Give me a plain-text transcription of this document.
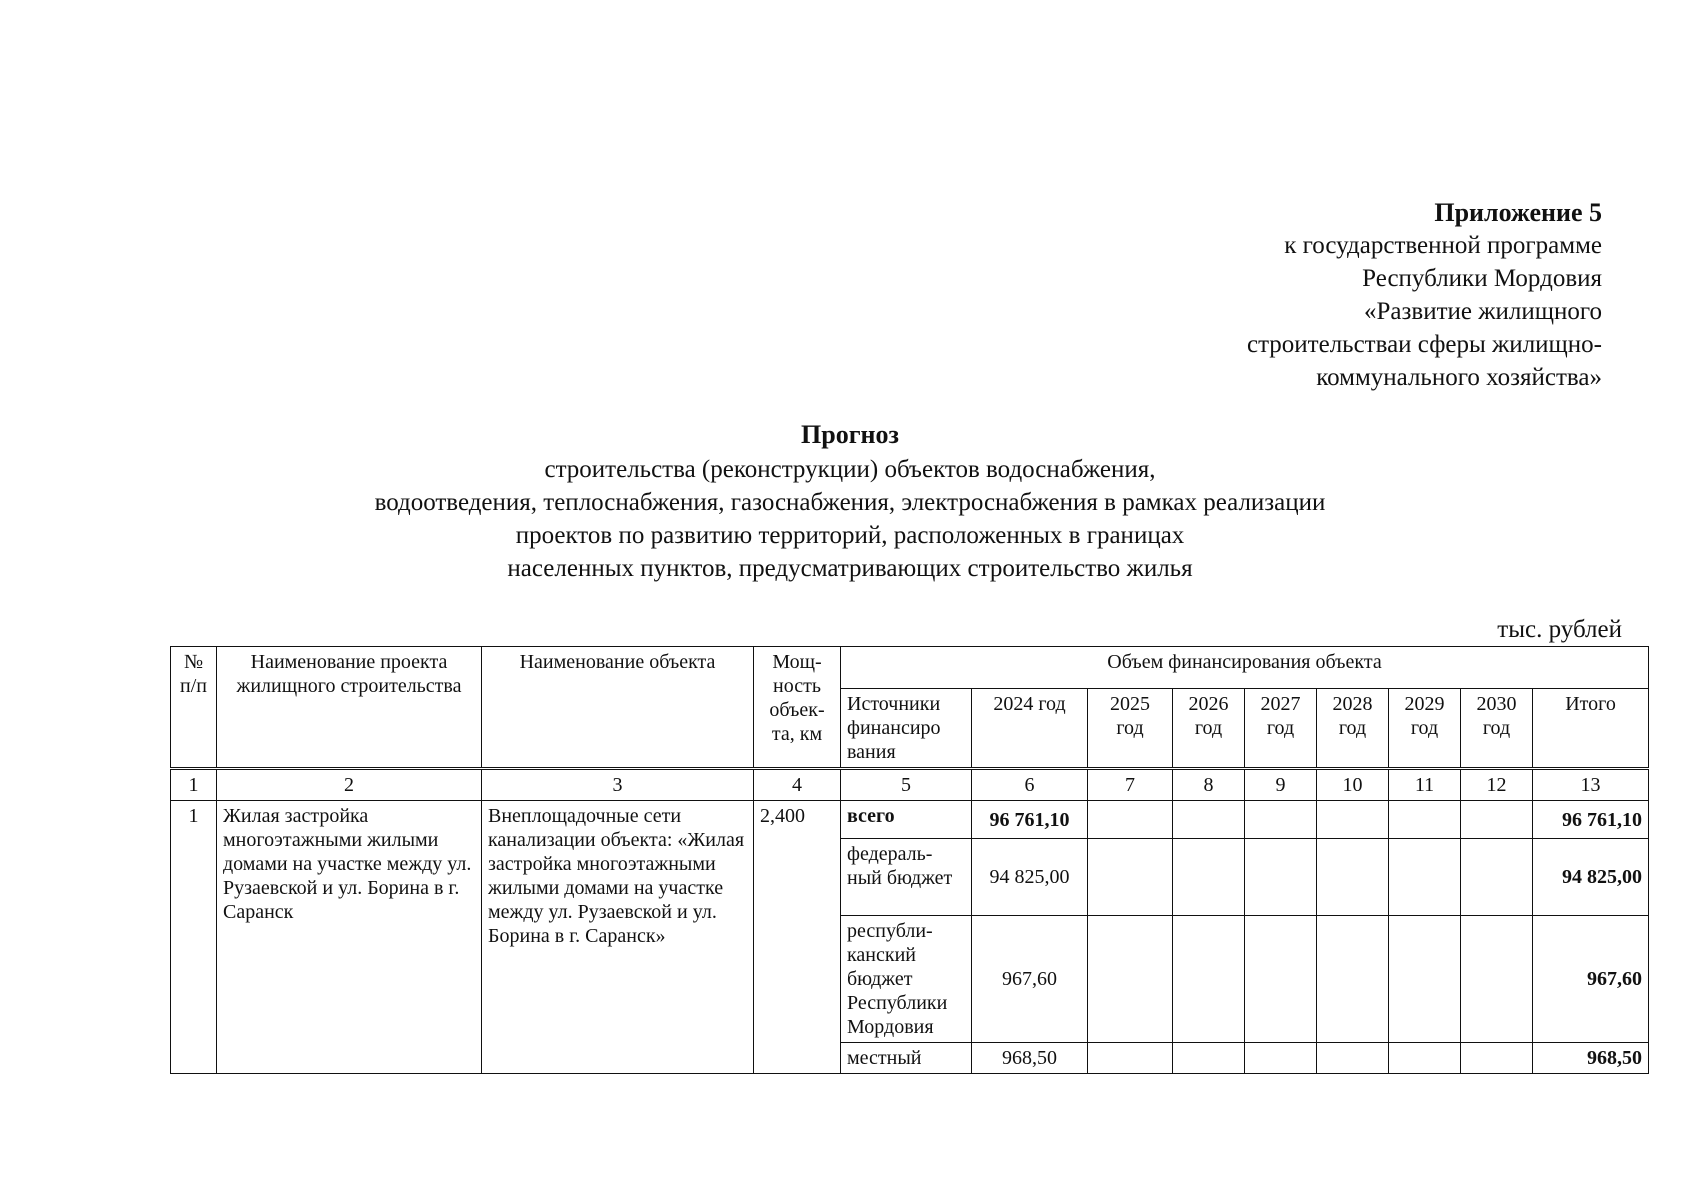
Приложение 5
к государственной программе
Республики Мордовия
«Развитие жилищного
строительстваи сферы жилищно-
коммунального хозяйства»
Прогноз
строительства (реконструкции) объектов водоснабжения,
водоотведения, теплоснабжения, газоснабжения, электроснабжения в рамках реализации
проектов по развитию территорий, расположенных в границах
населенных пунктов, предусматривающих строительство жилья
тыс. рублей
№ п/п	Наименование проекта жилищного строительства	Наименование объекта	Мощ-ность объек-та, км	Объем финансирования объекта								
				Источники финансиро вания	2024 год	2025 год	2026 год	2027 год	2028 год	2029 год	2030 год	Итого
1	2	3	4	5	6	7	8	9	10	11	12	13
1	Жилая застройка многоэтажными жилыми домами на участке между ул. Рузаевской и ул. Борина в г. Саранск	Внеплощадочные сети канализации объекта: «Жилая застройка многоэтажными жилыми домами на участке между ул. Рузаевской и ул. Борина в г. Саранск»	2,400	всего	96 761,10							96 761,10
				федераль-ный бюджет	94 825,00							94 825,00
				республи-канский бюджет Республики Мордовия	967,60							967,60
				местный	968,50							968,50
